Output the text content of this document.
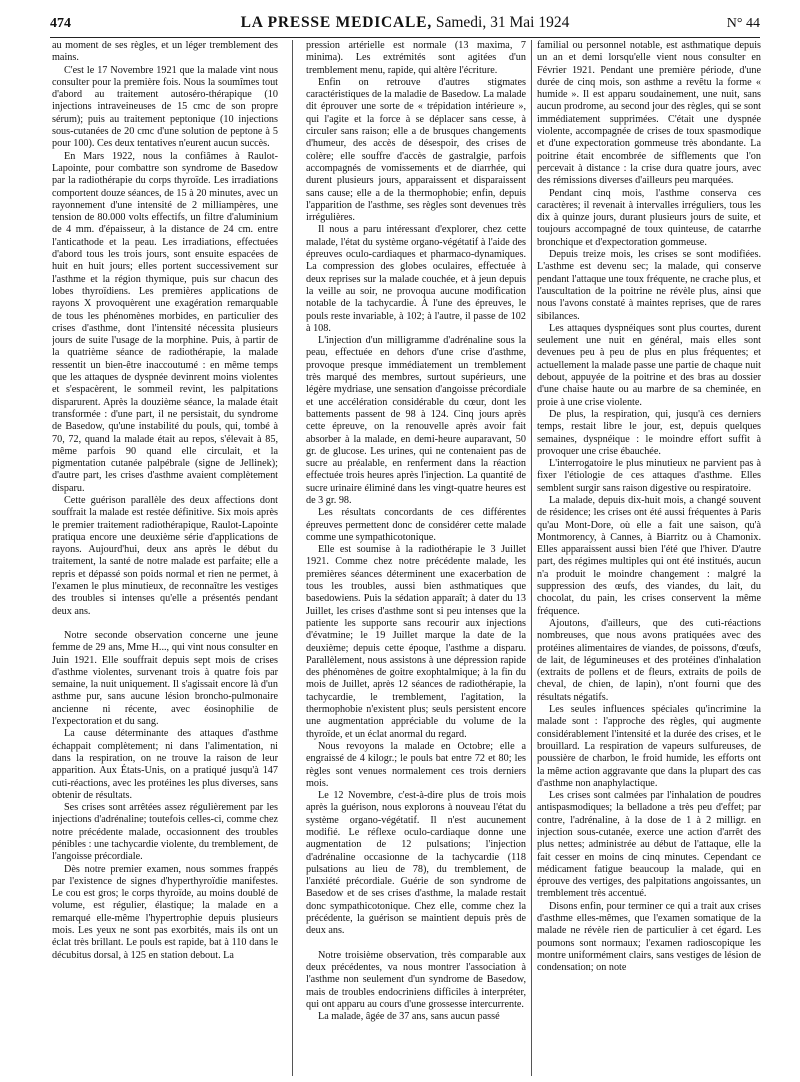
474	LA PRESSE MEDICALE, Samedi, 31 Mai 1924	N° 44

au moment de ses règles, et un léger tremblement des mains.

C'est le 17 Novembre 1921 que la malade vint nous consulter pour la première fois. Nous la soumîmes tout d'abord au traitement autoséro-thérapique (10 injections intraveineuses de 15 cmc de son propre sérum); puis au traitement peptonique (10 injections sous-cutanées de 20 cmc d'une solution de peptone à 5 pour 100). Ces deux tentatives n'eurent aucun succès.

En Mars 1922, nous la confiâmes à Raulot-Lapointe, pour combattre son syndrome de Basedow par la radiothérapie du corps thyroïde. Les irradiations comportent douze séances, de 15 à 20 minutes, avec un rayonnement d'une intensité de 2 milliampères, une tension de 80.000 volts effectifs, un filtre d'aluminium de 4 mm. d'épaisseur, à la distance de 24 cm. entre l'anticathode et la peau. Les irradiations, effectuées d'abord tous les trois jours, sont ensuite espacées de huit en huit jours; elles portent successivement sur l'asthme et la région thymique, puis sur chacun des lobes thyroïdiens. Les premières applications de rayons X provoquèrent une exagération remarquable de tous les phénomènes morbides, en particulier des crises d'asthme, dont l'intensité nécessita plusieurs jours de suite l'usage de la morphine. Puis, à partir de la quatrième séance de radiothérapie, la malade ressentit un bien-être inaccoutumé : en même temps que les attaques de dyspnée devinrent moins violentes et s'espacèrent, le sommeil revint, les palpitations disparurent. Après la douzième séance, la malade était transformée : d'une part, il ne persistait, du syndrome de Basedow, qu'une instabilité du pouls, qui, tombé à 70, 72, quand la malade était au repos, s'élevait à 85, même parfois 90 quand elle circulait, et la pigmentation cutanée palpébrale (signe de Jellinek); d'autre part, les crises d'asthme avaient complètement disparu.

Cette guérison parallèle des deux affections dont souffrait la malade est restée définitive. Six mois après le premier traitement radiothérapique, Raulot-Lapointe pratiqua encore une deuxième série d'applications de rayons. Aujourd'hui, deux ans après le début du traitement, la santé de notre malade est parfaite; elle a repris et dépassé son poids normal et rien ne permet, à l'examen le plus minutieux, de reconnaître les vestiges des troubles si intenses qu'elle a présentés pendant deux ans.

Notre seconde observation concerne une jeune femme de 29 ans, Mme H..., qui vint nous consulter en Juin 1921. Elle souffrait depuis sept mois de crises d'asthme violentes, survenant trois à quatre fois par semaine, la nuit uniquement. Il s'agissait encore là d'un asthme pur, sans aucune lésion broncho-pulmonaire ancienne ni récente, avec éosinophilie de l'expectoration et du sang.

La cause déterminante des attaques d'asthme échappait complètement; ni dans l'alimentation, ni dans la respiration, on ne trouve la raison de leur apparition. Aux États-Unis, on a pratiqué jusqu'à 147 cuti-réactions, avec les protéines les plus diverses, sans obtenir de résultats.

Ses crises sont arrêtées assez régulièrement par les injections d'adrénaline; toutefois celles-ci, comme chez notre précédente malade, occasionnent des troubles pénibles : une tachycardie violente, du tremblement, de l'angoisse précordiale.

Dès notre premier examen, nous sommes frappés par l'existence de signes d'hyperthyroïdie manifestes. Le cou est gros; le corps thyroïde, au moins doublé de volume, est régulier, élastique; la malade en a remarqué elle-même l'hypertrophie depuis plusieurs mois. Les yeux ne sont pas exorbités, mais ils ont un éclat très brillant. Le pouls est rapide, bat à 110 dans le décubitus dorsal, à 125 en station debout. La

pression artérielle est normale (13 maxima, 7 minima). Les extrémités sont agitées d'un tremblement menu, rapide, qui altère l'écriture.

Enfin on retrouve d'autres stigmates caractéristiques de la maladie de Basedow. La malade dit éprouver une sorte de « trépidation intérieure », qui l'agite et la force à se déplacer sans cesse, à circuler sans raison; elle a de brusques changements d'humeur, des accès de désespoir, des crises de colère; elle souffre d'accès de gastralgie, parfois accompagnés de vomissements et de diarrhée, qui durent plusieurs jours, apparaissent et disparaissent sans cause; elle a de la thermophobie; enfin, depuis l'apparition de l'asthme, ses règles sont devenues très irrégulières.

Il nous a paru intéressant d'explorer, chez cette malade, l'état du système organo-végétatif à l'aide des épreuves oculo-cardiaques et pharmaco-dynamiques. La compression des globes oculaires, effectuée à deux reprises sur la malade couchée, et à jeun depuis la veille au soir, ne provoqua aucune modification notable de la tachycardie. À l'une des épreuves, le pouls reste invariable, à 102; à l'autre, il passe de 102 à 108.

L'injection d'un milligramme d'adrénaline sous la peau, effectuée en dehors d'une crise d'asthme, provoque presque immédiatement un tremblement très marqué des membres, surtout supérieurs, une légère mydriase, une sensation d'angoisse précordiale et une accélération considérable du cœur, dont les battements passent de 98 à 124. Cinq jours après cette épreuve, on la renouvelle après avoir fait absorber à la malade, en demi-heure auparavant, 50 gr. de glucose. Les urines, qui ne contenaient pas de sucre au préalable, en renferment dans la réaction effectuée trois heures après l'injection. La quantité de sucre urinaire éliminé dans les vingt-quatre heures est de 3 gr. 98.

Les résultats concordants de ces différentes épreuves permettent donc de considérer cette malade comme une sympathicotonique.

Elle est soumise à la radiothérapie le 3 Juillet 1921. Comme chez notre précédente malade, les premières séances déterminent une exacerbation de tous les troubles, aussi bien asthmatiques que basedowiens. Puis la sédation apparaît; à dater du 13 Juillet, les crises d'asthme sont si peu intenses que la patiente les supporte sans recourir aux injections d'évatmine; le 19 Juillet marque la date de la deuxième; depuis cette époque, l'asthme a disparu. Parallèlement, nous assistons à une dépression rapide des phénomènes de goitre exophtalmique; à la fin du mois de Juillet, après 12 séances de radiothérapie, la tachycardie, le tremblement, l'agitation, la thermophobie n'existent plus; seuls persistent encore une augmentation appréciable du volume de la thyroïde, et un éclat anormal du regard.

Nous revoyons la malade en Octobre; elle a engraissé de 4 kilogr.; le pouls bat entre 72 et 80; les règles sont venues normalement ces trois derniers mois.

Le 12 Novembre, c'est-à-dire plus de trois mois après la guérison, nous explorons à nouveau l'état du système organo-végétatif. Il n'est aucunement modifié. Le réflexe oculo-cardiaque donne une augmentation de 12 pulsations; l'injection d'adrénaline occasionne de la tachycardie (118 pulsations au lieu de 78), du tremblement, de l'anxiété précordiale. Guérie de son syndrome de Basedow et de ses crises d'asthme, la malade restait donc sympathicotonique. Chez elle, comme chez la précédente, la guérison se maintient depuis près de deux ans.

Notre troisième observation, très comparable aux deux précédentes, va nous montrer l'association à l'asthme non seulement d'un syndrome de Basedow, mais de troubles endocriniens difficiles à interpréter, qui ont apparu au cours d'une grossesse intercurrente.

La malade, âgée de 37 ans, sans aucun passé

familial ou personnel notable, est asthmatique depuis un an et demi lorsqu'elle vient nous consulter en Février 1921. Pendant une première période, d'une durée de cinq mois, son asthme a revêtu la forme « humide ». Il est apparu soudainement, une nuit, sans aucun prodrome, au second jour des règles, qui se sont immédiatement supprimées. C'était une dyspnée violente, accompagnée de crises de toux spasmodique et d'une expectoration gommeuse très abondante. La poitrine était encombrée de sifflements que l'on percevait à distance : la crise dura quatre jours, avec des rémissions diverses d'ailleurs peu marquées.

Pendant cinq mois, l'asthme conserva ces caractères; il revenait à intervalles irréguliers, tous les dix à quinze jours, durant plusieurs jours de suite, et toujours accompagné de toux quinteuse, de catarrhe bronchique et d'expectoration gommeuse.

Depuis treize mois, les crises se sont modifiées. L'asthme est devenu sec; la malade, qui conserve pendant l'attaque une toux fréquente, ne crache plus, et l'auscultation de la poitrine ne révèle plus, ainsi que nous l'avons constaté à maintes reprises, que de rares sibilances.

Les attaques dyspnéiques sont plus courtes, durent seulement une nuit en général, mais elles sont devenues peu à peu de plus en plus fréquentes; et actuellement la malade passe une partie de chaque nuit debout, appuyée de la poitrine et des bras au dossier d'une chaise haute ou au marbre de sa cheminée, en proie à une crise violente.

De plus, la respiration, qui, jusqu'à ces derniers temps, restait libre le jour, est, depuis quelques semaines, dyspnéique : le moindre effort suffit à provoquer une crise ébauchée.

L'interrogatoire le plus minutieux ne parvient pas à fixer l'étiologie de ces attaques d'asthme. Elles semblent surgir sans raison digestive ou respiratoire.

La malade, depuis dix-huit mois, a changé souvent de résidence; les crises ont été aussi fréquentes à Paris qu'au Mont-Dore, où elle a fait une saison, qu'à Montmorency, à Cannes, à Biarritz ou à Chamonix. Elles apparaissent aussi bien l'été que l'hiver. D'autre part, des régimes multiples qui ont été institués, aucun n'a produit le moindre changement : malgré la suppression des œufs, des viandes, du lait, du chocolat, du pain, les crises conservent la même fréquence.

Ajoutons, d'ailleurs, que des cuti-réactions nombreuses, que nous avons pratiquées avec des protéines alimentaires de viandes, de poissons, d'œufs, de lait, de légumineuses et des protéines d'inhalation (extraits de pollens et de fleurs, extraits de poils de cheval, de chien, de lapin), n'ont fourni que des résultats négatifs.

Les seules influences spéciales qu'incrimine la malade sont : l'approche des règles, qui augmente considérablement l'intensité et la durée des crises, et le brouillard. La respiration de vapeurs sulfureuses, de poussière de charbon, le froid humide, les efforts ont la même action aggravante que dans la plupart des cas d'asthme non anaphylactique.

Les crises sont calmées par l'inhalation de poudres antispasmodiques; la belladone a très peu d'effet; par contre, l'adrénaline, à la dose de 1 à 2 milligr. en injection sous-cutanée, exerce une action d'arrêt des plus nettes; administrée au début de l'attaque, elle la fait cesser en moins de cinq minutes. Cependant ce médicament fatigue beaucoup la malade, qui en éprouve des vertiges, des palpitations angoissantes, un tremblement très accentué.

Disons enfin, pour terminer ce qui a trait aux crises d'asthme elles-mêmes, que l'examen somatique de la malade ne révèle rien de particulier à cet égard. Les poumons sont normaux; l'examen radioscopique les montre uniformément clairs, sans vestiges de lésion de condensation; on note
